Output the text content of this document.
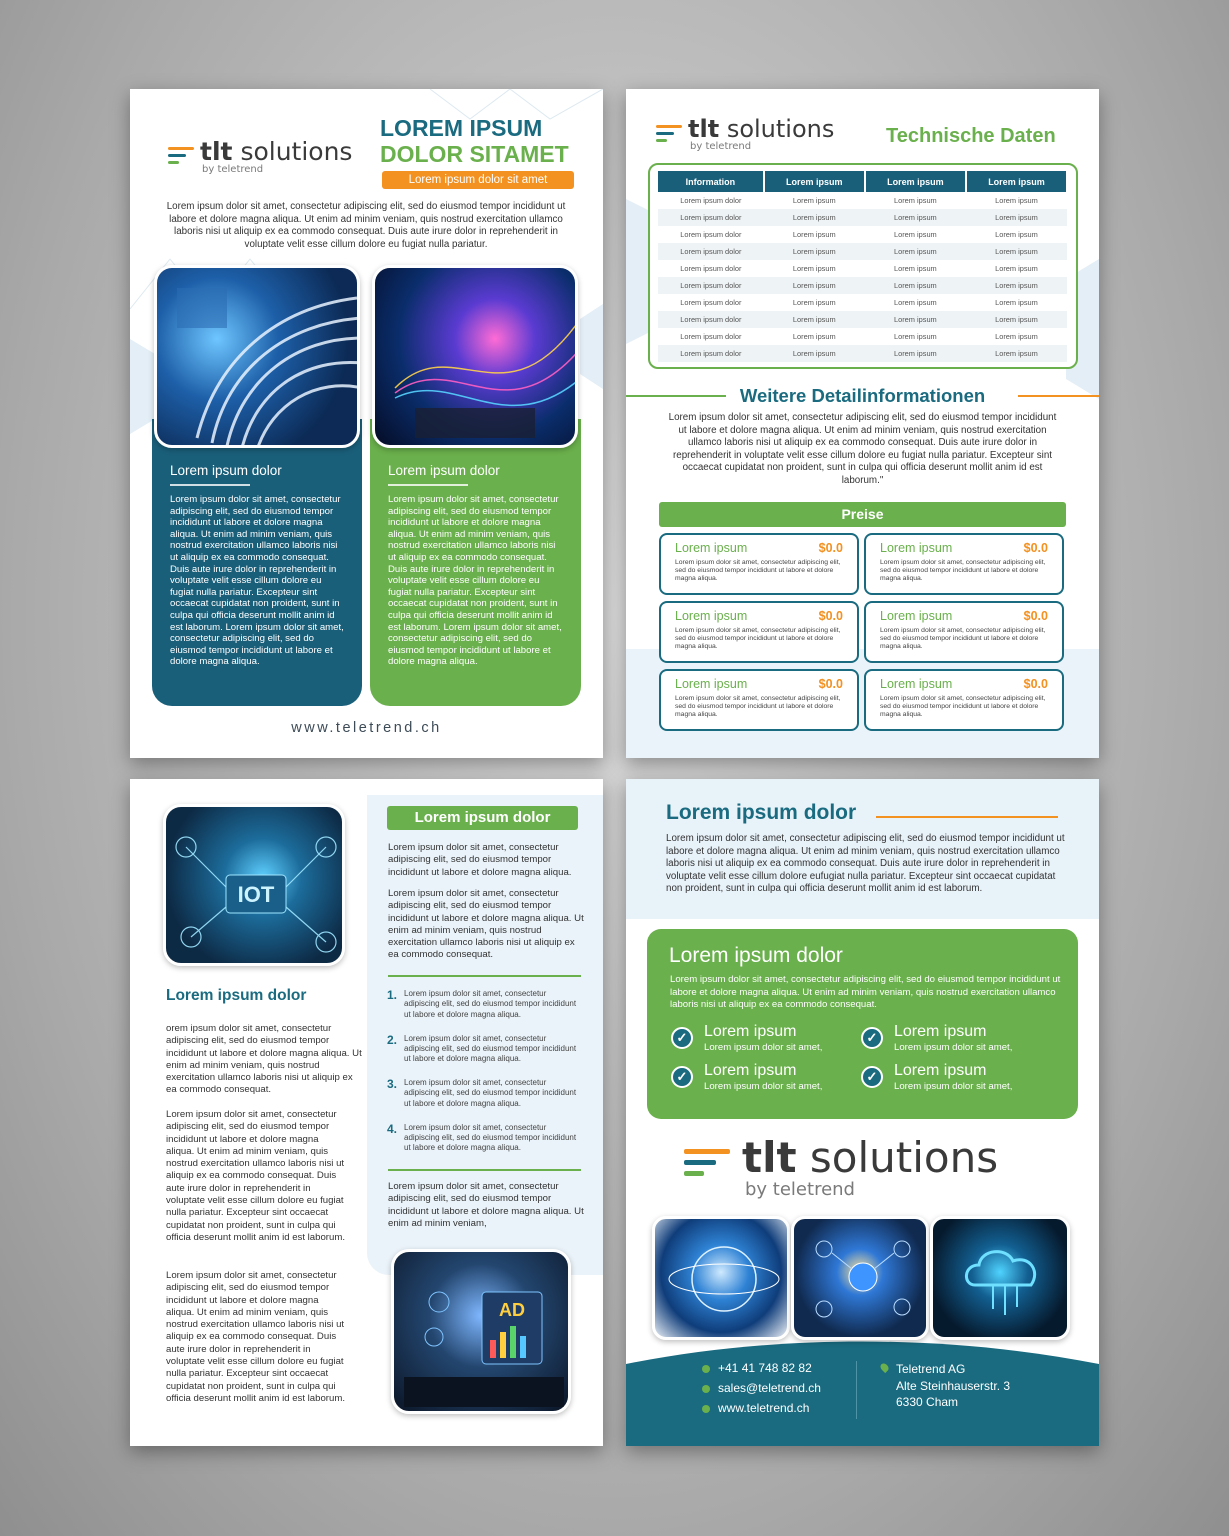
tlt solutions
by teletrend
LOREM IPSUM
DOLOR SITAMET
Lorem ipsum dolor sit amet
Lorem ipsum dolor sit amet, consectetur adipiscing elit, sed do eiusmod tempor incididunt ut labore et dolore magna aliqua. Ut enim ad minim veniam, quis nostrud exercitation ullamco laboris nisi ut aliquip ex ea commodo consequat. Duis aute irure dolor in reprehenderit in voluptate velit esse cillum dolore eu fugiat nulla pariatur.
Lorem ipsum dolor

Lorem ipsum dolor sit amet, consectetur adipiscing elit, sed do eiusmod tempor incididunt ut labore et dolore magna aliqua. Ut enim ad minim veniam, quis nostrud exercitation ullamco laboris nisi ut aliquip ex ea commodo consequat. Duis aute irure dolor in reprehenderit in voluptate velit esse cillum dolore eu fugiat nulla pariatur. Excepteur sint occaecat cupidatat non proident, sunt in culpa qui officia deserunt mollit anim id est laborum. Lorem ipsum dolor sit amet, consectetur adipiscing elit, sed do eiusmod tempor incididunt ut labore et dolore magna aliqua.

Lorem ipsum dolor

Lorem ipsum dolor sit amet, consectetur adipiscing elit, sed do eiusmod tempor incididunt ut labore et dolore magna aliqua. Ut enim ad minim veniam, quis nostrud exercitation ullamco laboris nisi ut aliquip ex ea commodo consequat. Duis aute irure dolor in reprehenderit in voluptate velit esse cillum dolore eu fugiat nulla pariatur. Excepteur sint occaecat cupidatat non proident, sunt in culpa qui officia deserunt mollit anim id est laborum. Lorem ipsum dolor sit amet, consectetur adipiscing elit, sed do eiusmod tempor incididunt ut labore et dolore magna aliqua.

www.teletrend.ch
tlt solutions
by teletrend	Technische Daten
Information	Lorem ipsum	Lorem ipsum	Lorem ipsum
Lorem ipsum dolor	Lorem ipsum	Lorem ipsum	Lorem ipsum
Lorem ipsum dolor	Lorem ipsum	Lorem ipsum	Lorem ipsum
Lorem ipsum dolor	Lorem ipsum	Lorem ipsum	Lorem ipsum
Lorem ipsum dolor	Lorem ipsum	Lorem ipsum	Lorem ipsum
Lorem ipsum dolor	Lorem ipsum	Lorem ipsum	Lorem ipsum
Lorem ipsum dolor	Lorem ipsum	Lorem ipsum	Lorem ipsum
Lorem ipsum dolor	Lorem ipsum	Lorem ipsum	Lorem ipsum
Lorem ipsum dolor	Lorem ipsum	Lorem ipsum	Lorem ipsum
Lorem ipsum dolor	Lorem ipsum	Lorem ipsum	Lorem ipsum
Lorem ipsum dolor	Lorem ipsum	Lorem ipsum	Lorem ipsum
Weitere Detailinformationen
Lorem ipsum dolor sit amet, consectetur adipiscing elit, sed do eiusmod tempor incididunt ut labore et dolore magna aliqua. Ut enim ad minim veniam, quis nostrud exercitation ullamco laboris nisi ut aliquip ex ea commodo consequat. Duis aute irure dolor in reprehenderit in voluptate velit esse cillum dolore eu fugiat nulla pariatur. Excepteur sint occaecat cupidatat non proident, sunt in culpa qui officia deserunt mollit anim id est laborum."
Preise
Lorem ipsum	$0.0
Lorem ipsum dolor sit amet, consectetur adipiscing elit, sed do eiusmod tempor incididunt ut labore et dolore magna aliqua.
Lorem ipsum	$0.0
Lorem ipsum dolor sit amet, consectetur adipiscing elit, sed do eiusmod tempor incididunt ut labore et dolore magna aliqua.
Lorem ipsum	$0.0
Lorem ipsum dolor sit amet, consectetur adipiscing elit, sed do eiusmod tempor incididunt ut labore et dolore magna aliqua.
Lorem ipsum	$0.0
Lorem ipsum dolor sit amet, consectetur adipiscing elit, sed do eiusmod tempor incididunt ut labore et dolore magna aliqua.
Lorem ipsum	$0.0
Lorem ipsum dolor sit amet, consectetur adipiscing elit, sed do eiusmod tempor incididunt ut labore et dolore magna aliqua.
Lorem ipsum	$0.0
Lorem ipsum dolor sit amet, consectetur adipiscing elit, sed do eiusmod tempor incididunt ut labore et dolore magna aliqua.
IOT
Lorem ipsum dolor
orem ipsum dolor sit amet, consectetur adipiscing elit, sed do eiusmod tempor incididunt ut labore et dolore magna aliqua. Ut enim ad minim veniam, quis nostrud exercitation ullamco laboris nisi ut aliquip ex ea commodo consequat.
Lorem ipsum dolor sit amet, consectetur adipiscing elit, sed do eiusmod tempor incididunt ut labore et dolore magna aliqua. Ut enim ad minim veniam, quis nostrud exercitation ullamco laboris nisi ut aliquip ex ea commodo consequat. Duis aute irure dolor in reprehenderit in voluptate velit esse cillum dolore eu fugiat nulla pariatur. Excepteur sint occaecat cupidatat non proident, sunt in culpa qui officia deserunt mollit anim id est laborum.
Lorem ipsum dolor sit amet, consectetur adipiscing elit, sed do eiusmod tempor incididunt ut labore et dolore magna aliqua. Ut enim ad minim veniam, quis nostrud exercitation ullamco laboris nisi ut aliquip ex ea commodo consequat. Duis aute irure dolor in reprehenderit in voluptate velit esse cillum dolore eu fugiat nulla pariatur. Excepteur sint occaecat cupidatat non proident, sunt in culpa qui officia deserunt mollit anim id est laborum.
Lorem ipsum dolor
Lorem ipsum dolor sit amet, consectetur adipiscing elit, sed do eiusmod tempor incididunt ut labore et dolore magna aliqua.
Lorem ipsum dolor sit amet, consectetur adipiscing elit, sed do eiusmod tempor incididunt ut labore et dolore magna aliqua. Ut enim ad minim veniam, quis nostrud exercitation ullamco laboris nisi ut aliquip ex ea commodo consequat.
1. Lorem ipsum dolor sit amet, consectetur adipiscing elit, sed do eiusmod tempor incididunt ut labore et dolore magna aliqua.
2. Lorem ipsum dolor sit amet, consectetur adipiscing elit, sed do eiusmod tempor incididunt ut labore et dolore magna aliqua.
3. Lorem ipsum dolor sit amet, consectetur adipiscing elit, sed do eiusmod tempor incididunt ut labore et dolore magna aliqua.
4. Lorem ipsum dolor sit amet, consectetur adipiscing elit, sed do eiusmod tempor incididunt ut labore et dolore magna aliqua.
Lorem ipsum dolor sit amet, consectetur adipiscing elit, sed do eiusmod tempor incididunt ut labore et dolore magna aliqua. Ut enim ad minim veniam,
AD
Lorem ipsum dolor
Lorem ipsum dolor sit amet, consectetur adipiscing elit, sed do eiusmod tempor incididunt ut labore et dolore magna aliqua. Ut enim ad minim veniam, quis nostrud exercitation ullamco laboris nisi ut aliquip ex ea commodo consequat. Duis aute irure dolor in reprehenderit in voluptate velit esse cillum dolore eufugiat nulla pariatur. Excepteur sint occaecat cupidatat non proident, sunt in culpa qui officia deserunt mollit anim id est laborum.
Lorem ipsum dolor
Lorem ipsum dolor sit amet, consectetur adipiscing elit, sed do eiusmod tempor incididunt ut labore et dolore magna aliqua. Ut enim ad minim veniam, quis nostrud exercitation ullamco laboris nisi ut aliquip ex ea commodo consequat.
✓	Lorem ipsum
Lorem ipsum dolor sit amet,
✓	Lorem ipsum
Lorem ipsum dolor sit amet,
✓	Lorem ipsum
Lorem ipsum dolor sit amet,
✓	Lorem ipsum
Lorem ipsum dolor sit amet,
tlt solutions
by teletrend
+41 41 748 82 82
sales@teletrend.ch
www.teletrend.ch
Teletrend AG
Alte Steinhauserstr. 3
6330 Cham
